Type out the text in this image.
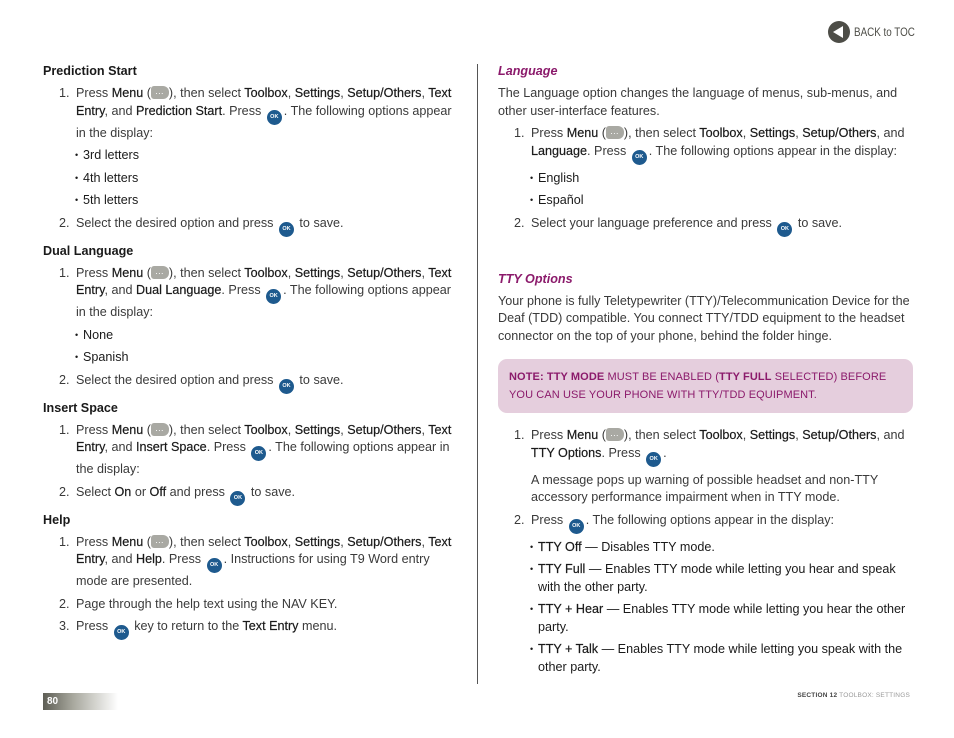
BACK to TOC

Prediction Start

1. Press Menu ( … ), then select Toolbox, Settings, Setup/Others, Text Entry, and Prediction Start. Press OK . The following options appear in the display:

• 3rd letters

• 4th letters

• 5th letters

2. Select the desired option and press OK to save.

Dual Language

1. Press Menu ( … ), then select Toolbox, Settings, Setup/Others, Text Entry, and Dual Language. Press OK . The following options appear in the display:

• None

• Spanish

2. Select the desired option and press OK to save.

Insert Space

1. Press Menu ( … ), then select Toolbox, Settings, Setup/Others, Text Entry, and Insert Space. Press OK . The following options appear in the display:

2. Select On or Off and press OK to save.

Help

1. Press Menu ( … ), then select Toolbox, Settings, Setup/Others, Text Entry, and Help. Press OK . Instructions for using T9 Word entry mode are presented.

2. Page through the help text using the NAV KEY.

3. Press OK key to return to the Text Entry menu.

Language

The Language option changes the language of menus, sub-menus, and other user-interface features.

1. Press Menu ( … ), then select Toolbox, Settings, Setup/Others, and Language. Press OK . The following options appear in the display:

• English

• Español

2. Select your language preference and press OK to save.

TTY Options

Your phone is fully Teletypewriter (TTY)/Telecommunication Device for the Deaf (TDD) compatible. You connect TTY/TDD equipment to the headset connector on the top of your phone, behind the folder hinge.

NOTE: TTY MODE MUST BE ENABLED (TTY FULL SELECTED) BEFORE YOU CAN USE YOUR PHONE WITH TTY/TDD EQUIPMENT.

1. Press Menu ( … ), then select Toolbox, Settings, Setup/Others, and TTY Options. Press OK .

A message pops up warning of possible headset and non-TTY accessory performance impairment when in TTY mode.

2. Press OK . The following options appear in the display:

• TTY Off — Disables TTY mode.

• TTY Full — Enables TTY mode while letting you hear and speak with the other party.

• TTY + Hear — Enables TTY mode while letting you hear the other party.

• TTY + Talk — Enables TTY mode while letting you speak with the other party.

80
SECTION 12 TOOLBOX: SETTINGS
